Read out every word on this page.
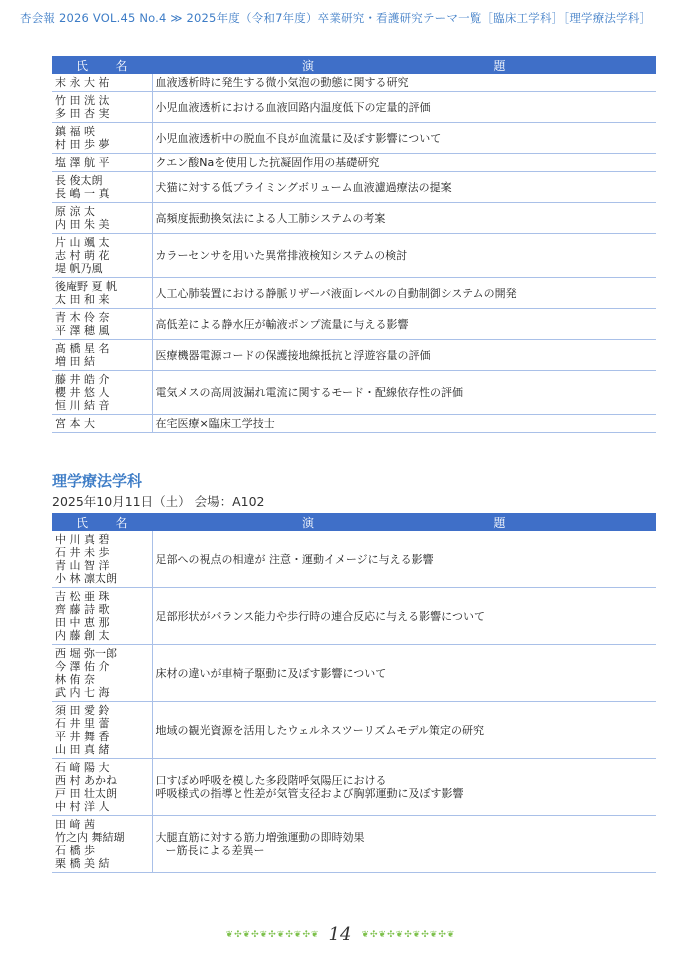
杏会報 2026 VOL.45 No.4 ≫ 2025年度（令和7年度）卒業研究・看護研究テーマ一覧［臨床工学科］［理学療法学科］
氏 名	演 題

末 永 大 祐	血液透析時に発生する微小気泡の動態に関する研究

竹 田 洸 汰
多 田 杏 実	小児血液透析における血液回路内温度低下の定量的評価

鎮 福 咲
村 田 歩 夢	小児血液透析中の脱血不良が血流量に及ぼす影響について

塩 澤 航 平	クエン酸Naを使用した抗凝固作用の基礎研究

長 俊太朗
長 嶋 一 真	犬猫に対する低プライミングボリューム血液濾過療法の提案

原 涼 太
内 田 朱 美	高頻度振動換気法による人工肺システムの考案

片 山 颯 太
志 村 萌 花
堤 帆乃風	カラーセンサを用いた異常排液検知システムの検討

後庵野 夏 帆
太 田 和 来	人工心肺装置における静脈リザーバ液面レベルの自動制御システムの開発

青 木 伶 奈
平 澤 穂 風	高低差による静水圧が輸液ポンプ流量に与える影響

髙 橋 星 名
増 田 結	医療機器電源コードの保護接地線抵抗と浮遊容量の評価

藤 井 皓 介
櫻 井 悠 人
恒 川 結 音	電気メスの高周波漏れ電流に関するモード・配線依存性の評価

宮 本 大	在宅医療×臨床工学技士
理学療法学科
2025年10月11日（土） 会場：A102
氏 名	演 題

中 川 真 碧
石 井 未 歩
青 山 智 洋
小 林 凛太朗	足部への視点の相違が 注意・運動イメージに与える影響

吉 松 亜 珠
齊 藤 詩 歌
田 中 恵 那
内 藤 創 太	足部形状がバランス能力や歩行時の連合反応に与える影響について

西 堀 弥一郎
今 澤 佑 介
林 侑 奈
武 内 七 海	床材の違いが車椅子駆動に及ぼす影響について

須 田 愛 鈴
石 井 里 蕾
平 井 舞 香
山 田 真 緒	地域の観光資源を活用したウェルネスツーリズムモデル策定の研究

石 﨑 陽 大
西 村 あかね
戸 田 壮太朗
中 村 洋 人	口すぼめ呼吸を模した多段階呼気陽圧における
呼吸様式の指導と性差が気管支径および胸郭運動に及ぼす影響

田 﨑 茜
竹之内 舞結瑚
石 橋 歩
栗 橋 美 結	大腿直筋に対する筋力増強運動の即時効果
ー筋長による差異ー
❦ ✣ ❦ ✣ ❦ ✣ ❦ ✣ ❦ ✣ ❦ 14	❦ ✣ ❦ ✣ ❦ ✣ ❦ ✣ ❦ ✣ ❦
